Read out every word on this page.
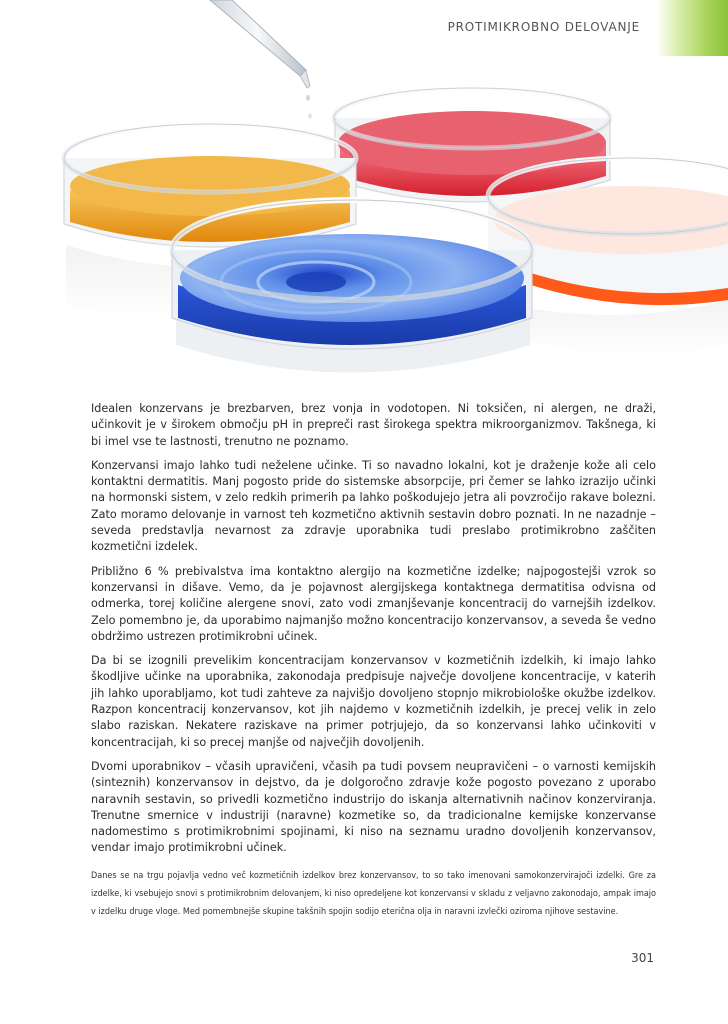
PROTIMIKROBNO DELOVANJE

Idealen konzervans je brezbarven, brez vonja in vodotopen. Ni toksičen, ni alergen, ne draži, učinkovit je v širokem območju pH in prepreči rast širokega spektra mikroorganizmov. Takšnega, ki bi imel vse te lastnosti, trenutno ne poznamo.

Konzervansi imajo lahko tudi neželene učinke. Ti so navadno lokalni, kot je draženje kože ali celo kontaktni dermatitis. Manj pogosto pride do sistemske absorpcije, pri čemer se lahko izrazijo učinki na hormonski sistem, v zelo redkih primerih pa lahko poškodujejo jetra ali povzročijo rakave bolezni. Zato moramo delovanje in varnost teh kozmetično aktivnih sestavin dobro poznati. In ne nazadnje – seveda predstavlja nevarnost za zdravje uporabnika tudi preslabo protimikrobno zaščiten kozmetični izdelek.

Približno 6 % prebivalstva ima kontaktno alergijo na kozmetične izdelke; najpogostejši vzrok so konzervansi in dišave. Vemo, da je pojavnost alergijskega kontaktnega dermatitisa odvisna od odmerka, torej količine alergene snovi, zato vodi zmanjševanje koncentracij do varnejših izdelkov. Zelo pomembno je, da uporabimo najmanjšo možno koncentracijo konzervansov, a seveda še vedno obdržimo ustrezen protimikrobni učinek.

Da bi se izognili prevelikim koncentracijam konzervansov v kozmetičnih izdelkih, ki imajo lahko škodljive učinke na uporabnika, zakonodaja predpisuje največje dovoljene koncentracije, v katerih jih lahko uporabljamo, kot tudi zahteve za najvišjo dovoljeno stopnjo mikrobiološke okužbe izdelkov. Razpon koncentracij konzervansov, kot jih najdemo v kozmetičnih izdelkih, je precej velik in zelo slabo raziskan. Nekatere raziskave na primer potrjujejo, da so konzervansi lahko učinkoviti v koncentracijah, ki so precej manjše od največjih dovoljenih.

Dvomi uporabnikov – včasih upravičeni, včasih pa tudi povsem neupravičeni – o varnosti kemijskih (sinteznih) konzervansov in dejstvo, da je dolgoročno zdravje kože pogosto povezano z uporabo naravnih sestavin, so privedli kozmetično industrijo do iskanja alternativnih načinov konzerviranja. Trenutne smernice v industriji (naravne) kozmetike so, da tradicionalne kemijske konzervanse nadomestimo s protimikrobnimi spojinami, ki niso na seznamu uradno dovoljenih konzervansov, vendar imajo protimikrobni učinek.

Danes se na trgu pojavlja vedno več kozmetičnih izdelkov brez konzervansov, to so tako imenovani samokonzervirajoči izdelki. Gre za izdelke, ki vsebujejo snovi s protimikrobnim delovanjem, ki niso opredeljene kot konzervansi v skladu z veljavno zakonodajo, ampak imajo v izdelku druge vloge. Med pomembnejše skupine takšnih spojin sodijo eterična olja in naravni izvlečki oziroma njihove sestavine.

301
